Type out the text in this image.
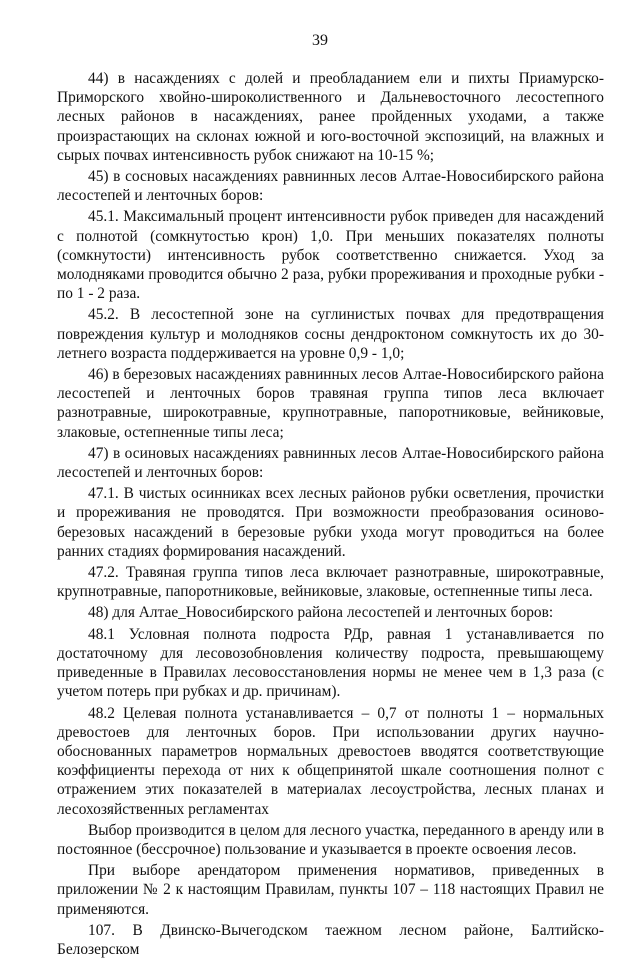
39

44) в насаждениях с долей и преобладанием ели и пихты Приамурско-Приморского хвойно-широколиственного и Дальневосточного лесостепного лесных районов в насаждениях, ранее пройденных уходами, а также произрастающих на склонах южной и юго-восточной экспозиций, на влажных и сырых почвах интенсивность рубок снижают на 10-15 %;

45) в сосновых насаждениях равнинных лесов Алтае-Новосибирского района лесостепей и ленточных боров:

45.1. Максимальный процент интенсивности рубок приведен для насаждений с полнотой (сомкнутостью крон) 1,0. При меньших показателях полноты (сомкнутости) интенсивность рубок соответственно снижается. Уход за молодняками проводится обычно 2 раза, рубки прореживания и проходные рубки - по 1 - 2 раза.

45.2. В лесостепной зоне на суглинистых почвах для предотвращения повреждения культур и молодняков сосны дендроктоном сомкнутость их до 30-летнего возраста поддерживается на уровне 0,9 - 1,0;

46) в березовых насаждениях равнинных лесов Алтае-Новосибирского района лесостепей и ленточных боров травяная группа типов леса включает разнотравные, широкотравные, крупнотравные, папоротниковые, вейниковые, злаковые, остепненные типы леса;

47) в осиновых насаждениях равнинных лесов Алтае-Новосибирского района лесостепей и ленточных боров:

47.1. В чистых осинниках всех лесных районов рубки осветления, прочистки и прореживания не проводятся. При возможности преобразования осиново-березовых насаждений в березовые рубки ухода могут проводиться на более ранних стадиях формирования насаждений.

47.2. Травяная группа типов леса включает разнотравные, широкотравные, крупнотравные, папоротниковые, вейниковые, злаковые, остепненные типы леса.

48) для Алтае_Новосибирского района лесостепей и ленточных боров:

48.1 Условная полнота подроста РДр, равная 1 устанавливается по достаточному для лесовозобновления количеству подроста, превышающему приведенные в Правилах лесовосстановления нормы не менее чем в 1,3 раза (с учетом потерь при рубках и др. причинам).

48.2 Целевая полнота устанавливается – 0,7 от полноты 1 – нормальных древостоев для ленточных боров. При использовании других научно-обоснованных параметров нормальных древостоев вводятся соответствующие коэффициенты перехода от них к общепринятой шкале соотношения полнот с отражением этих показателей в материалах лесоустройства, лесных планах и лесохозяйственных регламентах

Выбор производится в целом для лесного участка, переданного в аренду или в постоянное (бессрочное) пользование и указывается в проекте освоения лесов.

При выборе арендатором применения нормативов, приведенных в приложении № 2 к настоящим Правилам, пункты 107 – 118 настоящих Правил не применяются.

107. В Двинско-Вычегодском таежном лесном районе, Балтийско-Белозерском
